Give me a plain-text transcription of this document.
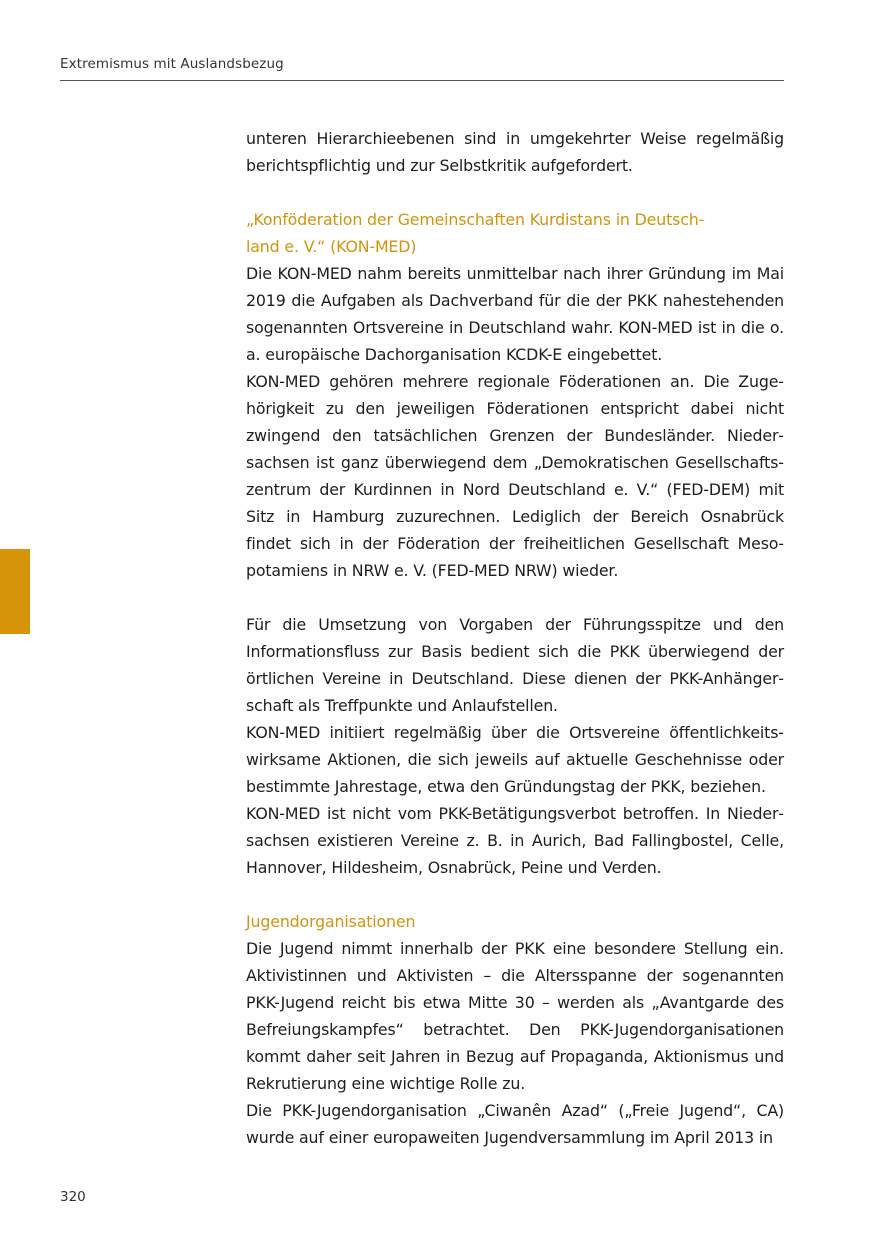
Extremismus mit Auslandsbezug

unteren Hierarchieebenen sind in umgekehrter Weise regelmäßig berichtspflichtig und zur Selbstkritik aufgefordert.

„Konföderation der Gemeinschaften Kurdistans in Deutsch-
land e. V.“ (KON-MED)

Die KON-MED nahm bereits unmittelbar nach ihrer Gründung im Mai 2019 die Aufgaben als Dachverband für die der PKK nahestehenden sogenannten Ortsvereine in Deutschland wahr. KON-MED ist in die o. a. europäische Dachorganisation KCDK-E eingebettet.

KON-MED gehören mehrere regionale Föderationen an. Die Zugehörigkeit zu den jeweiligen Föderationen entspricht dabei nicht zwingend den tatsächlichen Grenzen der Bundesländer. Niedersachsen ist ganz überwiegend dem „Demokratischen Gesellschaftszentrum der Kurdinnen in Nord Deutschland e. V.“ (FED-DEM) mit Sitz in Hamburg zuzurechnen. Lediglich der Bereich Osnabrück findet sich in der Föderation der freiheitlichen Gesellschaft Mesopotamiens in NRW e. V. (FED-MED NRW) wieder.

Für die Umsetzung von Vorgaben der Führungsspitze und den Informationsfluss zur Basis bedient sich die PKK überwiegend der örtlichen Vereine in Deutschland. Diese dienen der PKK-Anhängerschaft als Treffpunkte und Anlaufstellen.

KON-MED initiiert regelmäßig über die Ortsvereine öffentlichkeitswirksame Aktionen, die sich jeweils auf aktuelle Geschehnisse oder bestimmte Jahrestage, etwa den Gründungstag der PKK, beziehen.

KON-MED ist nicht vom PKK-Betätigungsverbot betroffen. In Niedersachsen existieren Vereine z. B. in Aurich, Bad Fallingbostel, Celle, Hannover, Hildesheim, Osnabrück, Peine und Verden.

Jugendorganisationen

Die Jugend nimmt innerhalb der PKK eine besondere Stellung ein. Aktivistinnen und Aktivisten – die Altersspanne der sogenannten PKK-Jugend reicht bis etwa Mitte 30 – werden als „Avantgarde des Befreiungskampfes“ betrachtet. Den PKK-Jugendorganisationen kommt daher seit Jahren in Bezug auf Propaganda, Aktionismus und Rekrutierung eine wichtige Rolle zu.

Die PKK-Jugendorganisation „Ciwanên Azad“ („Freie Jugend“, CA) wurde auf einer europaweiten Jugendversammlung im April 2013 in

320
